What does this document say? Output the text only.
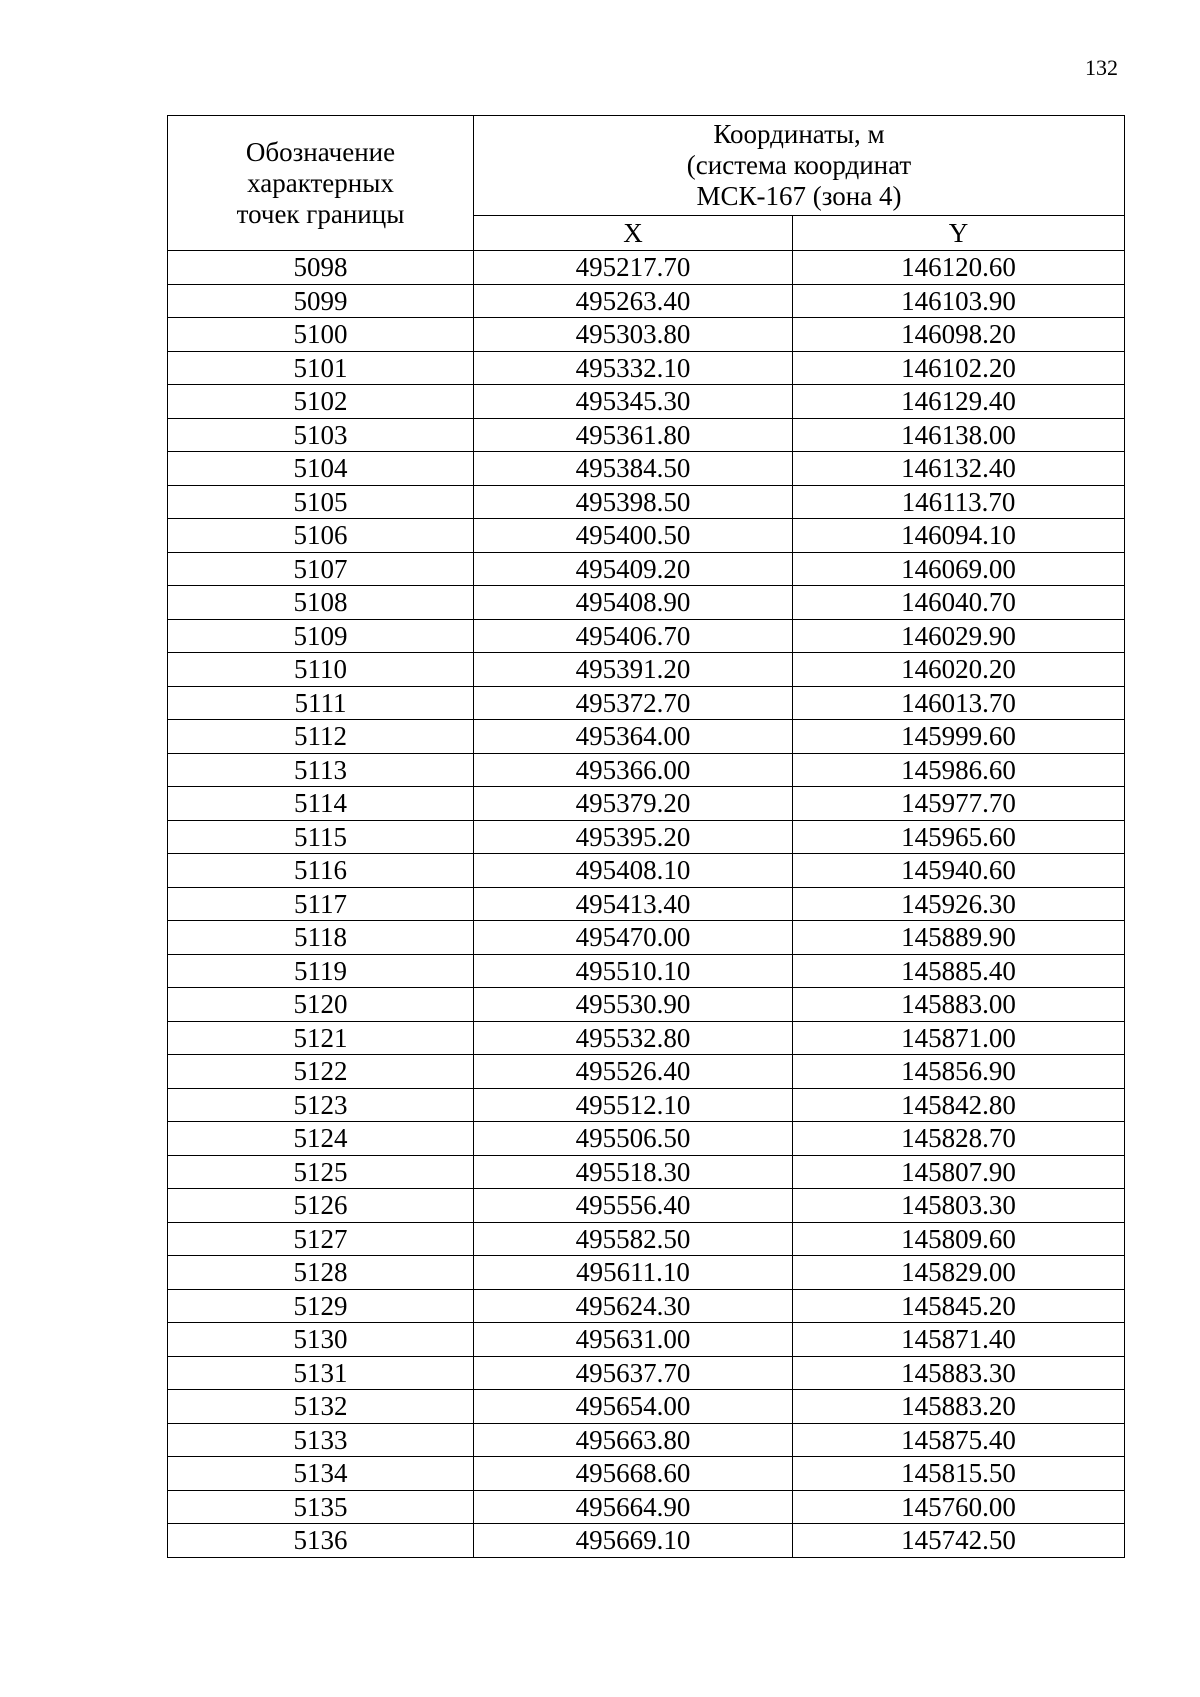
132
Обозначение
характерных
точек границы	Координаты, м
(система координат
МСК-167 (зона 4)	

	X	Y
5098	495217.70	146120.60
5099	495263.40	146103.90
5100	495303.80	146098.20
5101	495332.10	146102.20
5102	495345.30	146129.40
5103	495361.80	146138.00
5104	495384.50	146132.40
5105	495398.50	146113.70
5106	495400.50	146094.10
5107	495409.20	146069.00
5108	495408.90	146040.70
5109	495406.70	146029.90
5110	495391.20	146020.20
5111	495372.70	146013.70
5112	495364.00	145999.60
5113	495366.00	145986.60
5114	495379.20	145977.70
5115	495395.20	145965.60
5116	495408.10	145940.60
5117	495413.40	145926.30
5118	495470.00	145889.90
5119	495510.10	145885.40
5120	495530.90	145883.00
5121	495532.80	145871.00
5122	495526.40	145856.90
5123	495512.10	145842.80
5124	495506.50	145828.70
5125	495518.30	145807.90
5126	495556.40	145803.30
5127	495582.50	145809.60
5128	495611.10	145829.00
5129	495624.30	145845.20
5130	495631.00	145871.40
5131	495637.70	145883.30
5132	495654.00	145883.20
5133	495663.80	145875.40
5134	495668.60	145815.50
5135	495664.90	145760.00
5136	495669.10	145742.50
